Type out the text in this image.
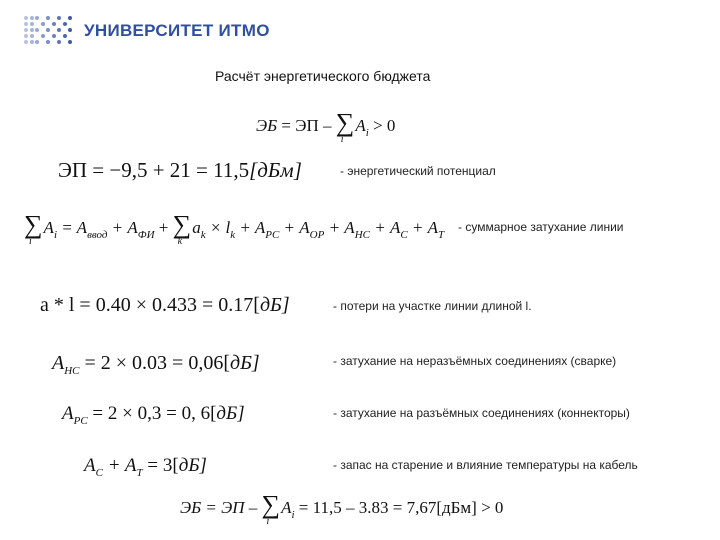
УНИВЕРСИТЕТ ИТМО
Расчёт энергетического бюджета
ЭБ = ЭП – ∑
i
$A_i > 0$
ЭП = −9,5 + 21 = 11,5[дБм]	- энергетический потенциал
∑
i
$A_i = A_{ввод} + A_{ФИ}$ + ∑
k
$a_k \times l_k + A_{РС} + A_{ОР} + A_{НС} + A_С + A_Т$
- суммарное затухание линии
a * l = 0.40 × 0.433 = 0.17[дБ]	- потери на участке линии длиной l.
$A_{НС} = 2 \times 0.03 = 0,06[дБ]$	- затухание на неразъёмных соединениях (сварке)
$A_{РС} = 2 \times 0,3 = 0$, 6[дБ]	- затухание на разъёмных соединениях (коннекторы)
$A_C + A_T = 3[дБ]$	- запас на старение и влияние температуры на кабель
ЭБ = ЭП – ∑
i
$A_i = 11,5 - 3.83 = 7,67[дБм] > 0$
